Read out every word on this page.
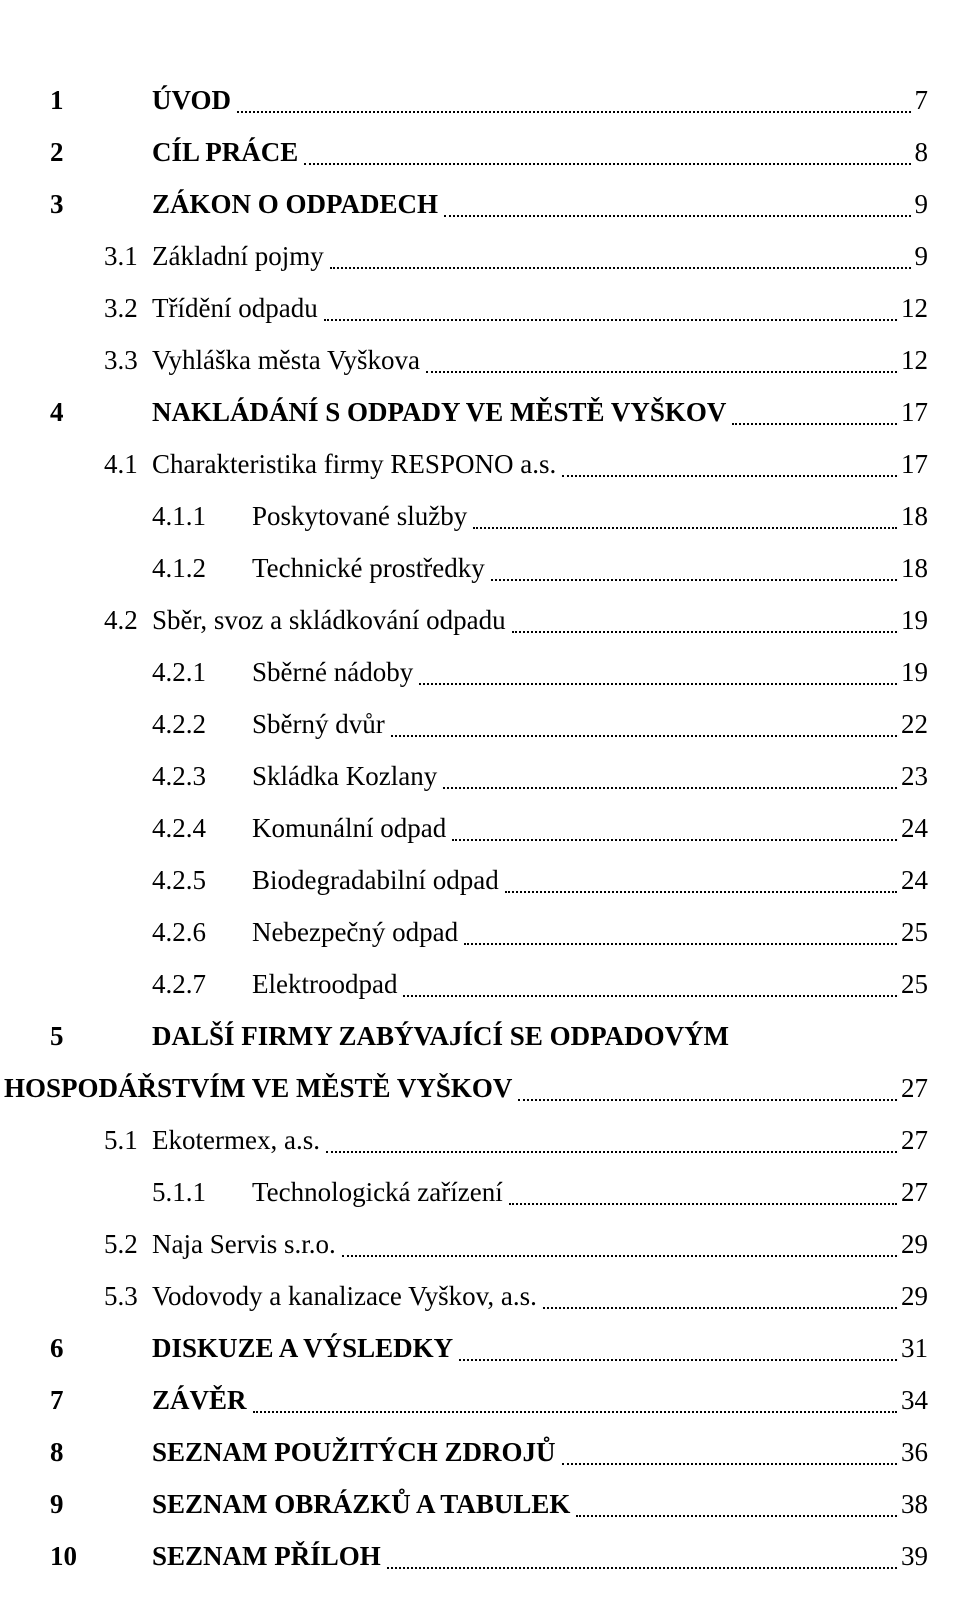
1	ÚVOD	7
2	CÍL PRÁCE	8
3	ZÁKON O ODPADECH	9
3.1 Základní pojmy	9
3.2 Třídění odpadu	12
3.3 Vyhláška města Vyškova	12
4	NAKLÁDÁNÍ S ODPADY VE MĚSTĚ VYŠKOV	17
4.1 Charakteristika firmy RESPONO a.s.	17
4.1.1 Poskytované služby	18
4.1.2 Technické prostředky	18
4.2 Sběr, svoz a skládkování odpadu	19
4.2.1 Sběrné nádoby	19
4.2.2 Sběrný dvůr	22
4.2.3 Skládka Kozlany	23
4.2.4 Komunální odpad	24
4.2.5 Biodegradabilní odpad	24
4.2.6 Nebezpečný odpad	25
4.2.7 Elektroodpad	25
5	DALŠÍ FIRMY ZABÝVAJÍCÍ SE ODPADOVÝM
HOSPODÁŘSTVÍM VE MĚSTĚ VYŠKOV	27
5.1 Ekotermex, a.s.	27
5.1.1 Technologická zařízení	27
5.2 Naja Servis s.r.o.	29
5.3 Vodovody a kanalizace Vyškov, a.s.	29
6	DISKUZE A VÝSLEDKY	31
7	ZÁVĚR	34
8	SEZNAM POUŽITÝCH ZDROJŮ	36
9	SEZNAM OBRÁZKŮ A TABULEK	38
10	SEZNAM PŘÍLOH	39
